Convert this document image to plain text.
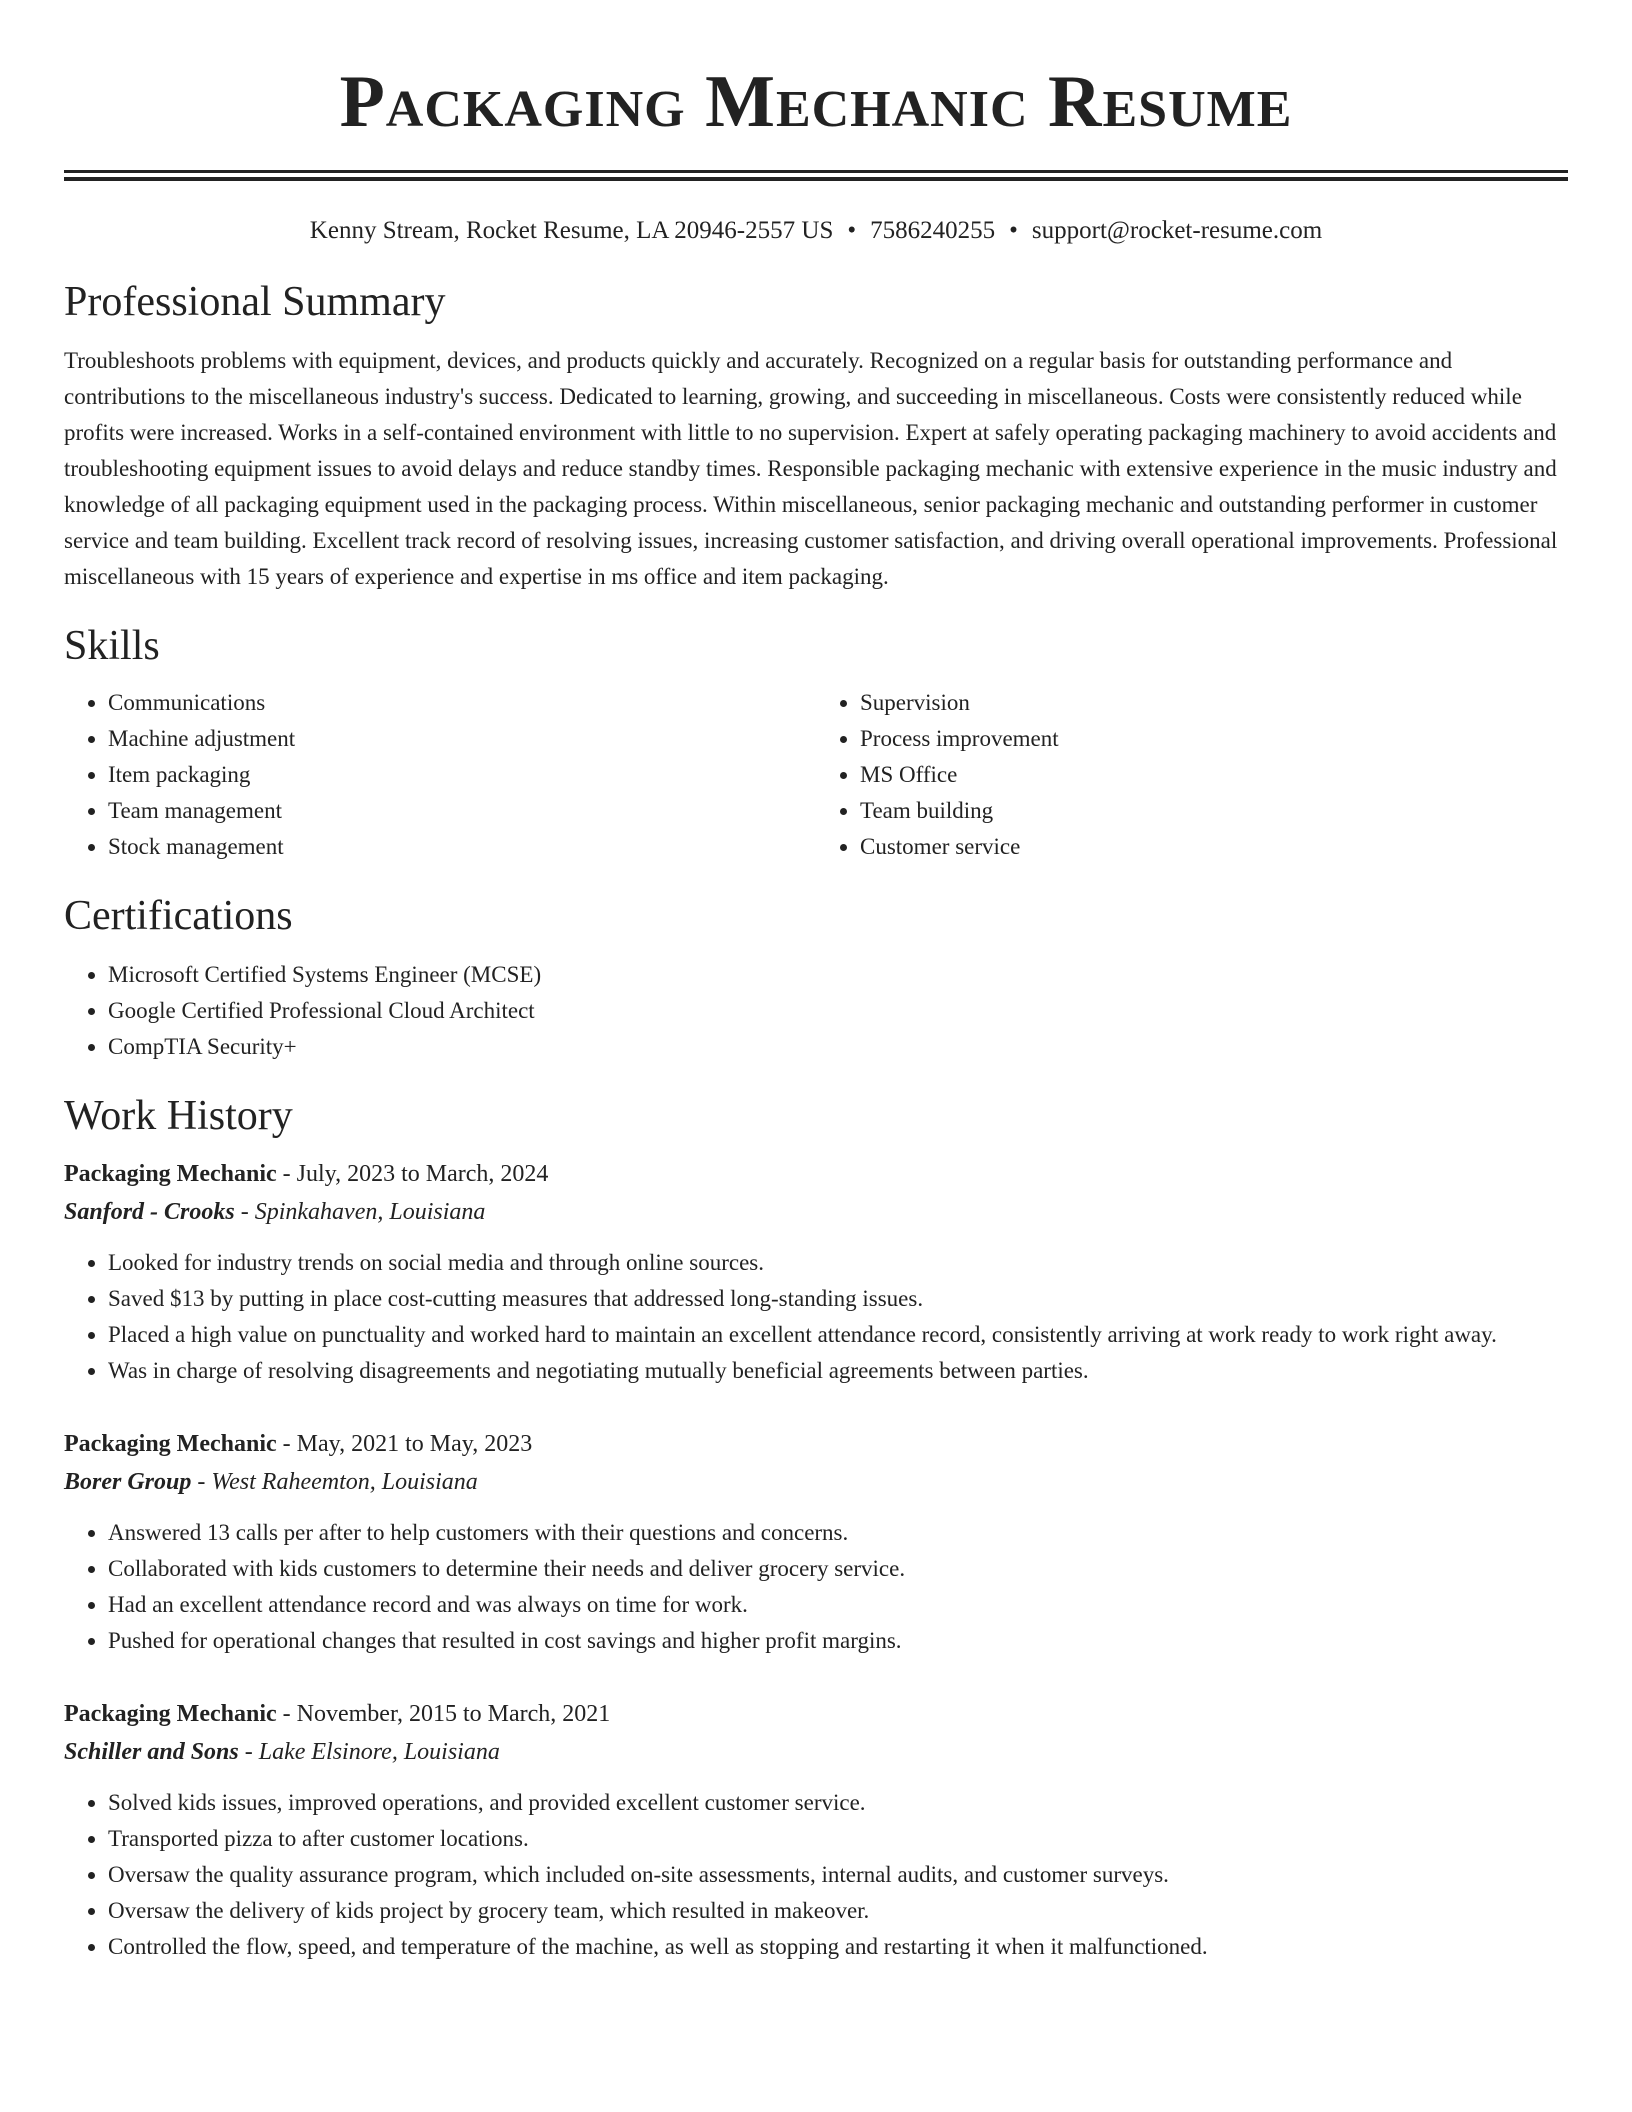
Packaging Mechanic Resume
Kenny Stream, Rocket Resume, LA 20946-2557 US • 7586240255 • support@rocket-resume.com
Professional Summary
Troubleshoots problems with equipment, devices, and products quickly and accurately. Recognized on a regular basis for outstanding performance and contributions to the miscellaneous industry's success. Dedicated to learning, growing, and succeeding in miscellaneous. Costs were consistently reduced while profits were increased. Works in a self-contained environment with little to no supervision. Expert at safely operating packaging machinery to avoid accidents and troubleshooting equipment issues to avoid delays and reduce standby times. Responsible packaging mechanic with extensive experience in the music industry and knowledge of all packaging equipment used in the packaging process. Within miscellaneous, senior packaging mechanic and outstanding performer in customer service and team building. Excellent track record of resolving issues, increasing customer satisfaction, and driving overall operational improvements. Professional miscellaneous with 15 years of experience and expertise in ms office and item packaging.
Skills
• Communications
• Machine adjustment
• Item packaging
• Team management
• Stock management
• Supervision
• Process improvement
• MS Office
• Team building
• Customer service
Certifications
• Microsoft Certified Systems Engineer (MCSE)
• Google Certified Professional Cloud Architect
• CompTIA Security+
Work History
Packaging Mechanic - July, 2023 to March, 2024
Sanford - Crooks - Spinkahaven, Louisiana
• Looked for industry trends on social media and through online sources.
• Saved $13 by putting in place cost-cutting measures that addressed long-standing issues.
• Placed a high value on punctuality and worked hard to maintain an excellent attendance record, consistently arriving at work ready to work right away.
• Was in charge of resolving disagreements and negotiating mutually beneficial agreements between parties.
Packaging Mechanic - May, 2021 to May, 2023
Borer Group - West Raheemton, Louisiana
• Answered 13 calls per after to help customers with their questions and concerns.
• Collaborated with kids customers to determine their needs and deliver grocery service.
• Had an excellent attendance record and was always on time for work.
• Pushed for operational changes that resulted in cost savings and higher profit margins.
Packaging Mechanic - November, 2015 to March, 2021
Schiller and Sons - Lake Elsinore, Louisiana
• Solved kids issues, improved operations, and provided excellent customer service.
• Transported pizza to after customer locations.
• Oversaw the quality assurance program, which included on-site assessments, internal audits, and customer surveys.
• Oversaw the delivery of kids project by grocery team, which resulted in makeover.
• Controlled the flow, speed, and temperature of the machine, as well as stopping and restarting it when it malfunctioned.
